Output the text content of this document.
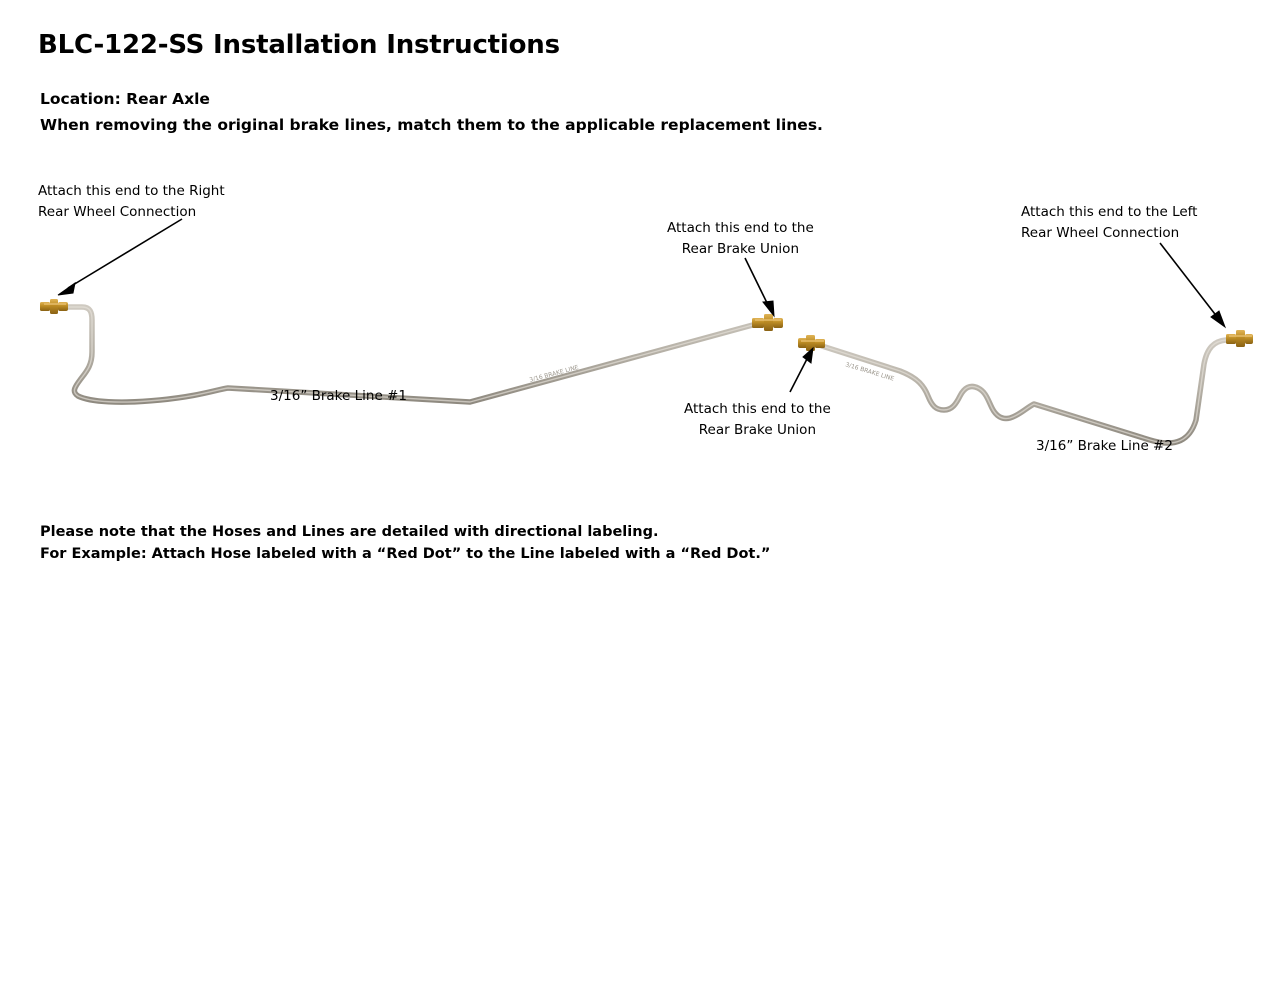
BLC-122-SS Installation Instructions
Location: Rear Axle
When removing the original brake lines, match them to the applicable replacement lines.
3/16 BRAKE LINE	3/16 BRAKE LINE
Attach this end to the Right
Rear Wheel Connection
Attach this end to the
Rear Brake Union
Attach this end to the Left
Rear Wheel Connection
Attach this end to the
Rear Brake Union
3/16” Brake Line #1
3/16” Brake Line #2
Please note that the Hoses and Lines are detailed with directional labeling.
For Example: Attach Hose labeled with a “Red Dot” to the Line labeled with a “Red Dot.”
